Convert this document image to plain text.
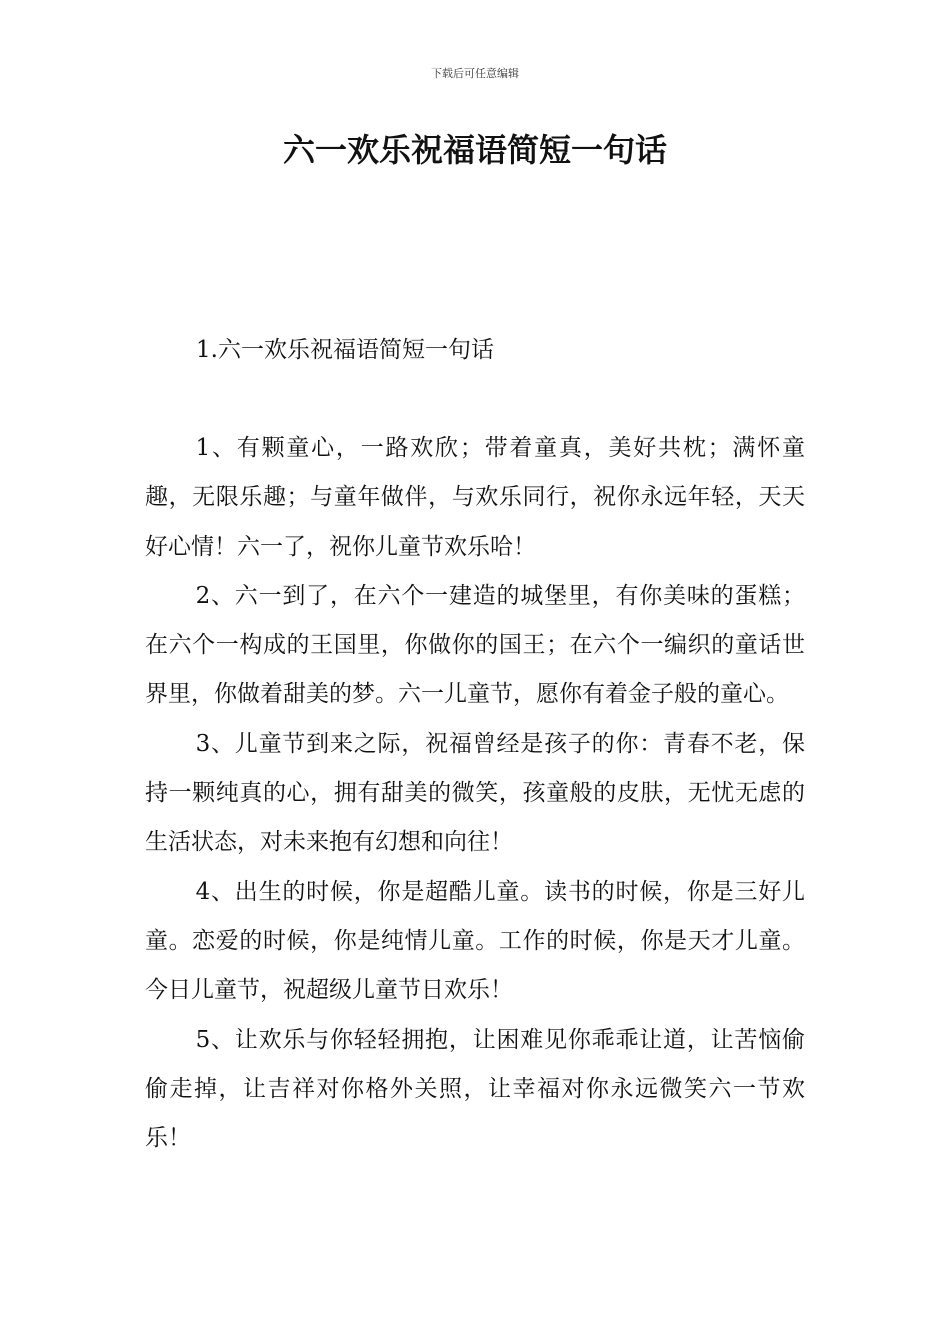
下载后可任意编辑
六一欢乐祝福语简短一句话
1.六一欢乐祝福语简短一句话

1、有颗童心，一路欢欣；带着童真，美好共枕；满怀童趣，无限乐趣；与童年做伴，与欢乐同行，祝你永远年轻，天天好心情！六一了，祝你儿童节欢乐哈！

2、六一到了，在六个一建造的城堡里，有你美味的蛋糕；在六个一构成的王国里，你做你的国王；在六个一编织的童话世界里，你做着甜美的梦。六一儿童节，愿你有着金子般的童心。

3、儿童节到来之际，祝福曾经是孩子的你：青春不老，保持一颗纯真的心，拥有甜美的微笑，孩童般的皮肤，无忧无虑的生活状态，对未来抱有幻想和向往！

4、出生的时候，你是超酷儿童。读书的时候，你是三好儿童。恋爱的时候，你是纯情儿童。工作的时候，你是天才儿童。今日儿童节，祝超级儿童节日欢乐！

5、让欢乐与你轻轻拥抱，让困难见你乖乖让道，让苦恼偷偷走掉，让吉祥对你格外关照，让幸福对你永远微笑六一节欢乐！
